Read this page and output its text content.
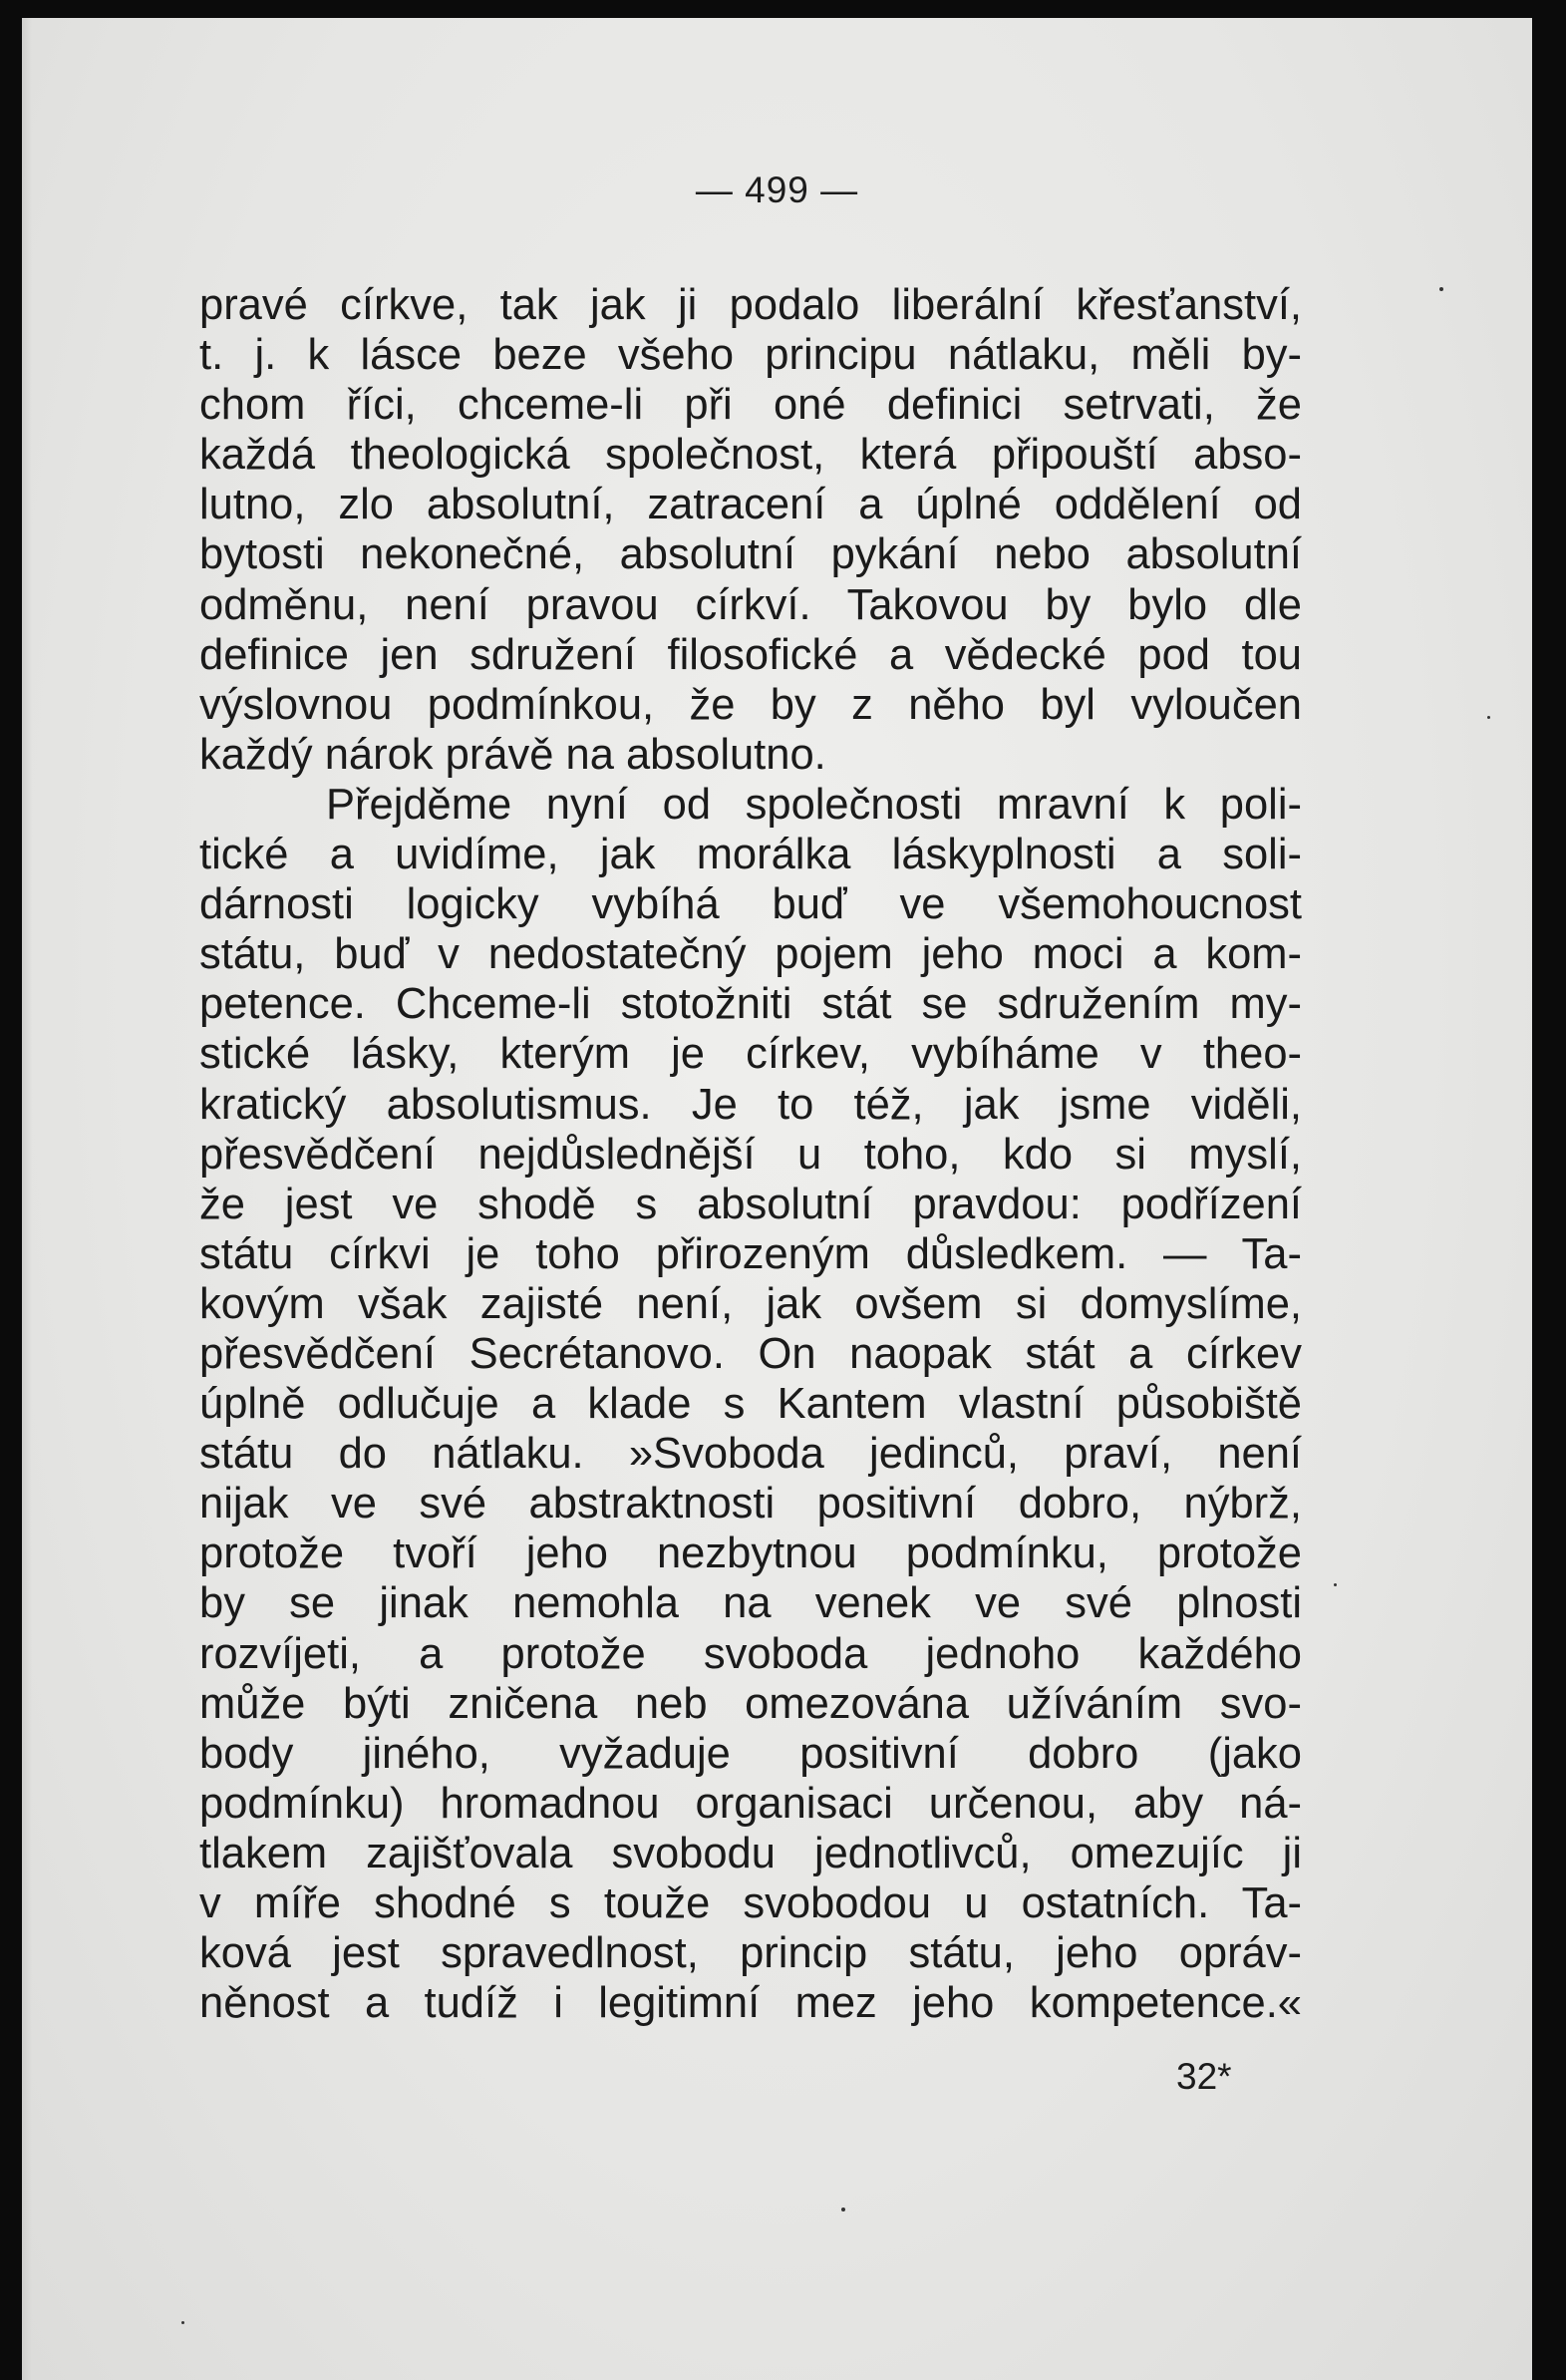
— 499 —
pravé církve, tak jak ji podalo liberální křesťanství,
t. j. k lásce beze všeho principu nátlaku, měli by-
chom říci, chceme-li při oné definici setrvati, že
každá theologická společnost, která připouští abso-
lutno, zlo absolutní, zatracení a úplné oddělení od
bytosti nekonečné, absolutní pykání nebo absolutní
odměnu, není pravou církví. Takovou by bylo dle
definice jen sdružení filosofické a vědecké pod tou
výslovnou podmínkou, že by z něho byl vyloučen
každý nárok právě na absolutno.
Přejděme nyní od společnosti mravní k poli-
tické a uvidíme, jak morálka láskyplnosti a soli-
dárnosti logicky vybíhá buď ve všemohoucnost
státu, buď v nedostatečný pojem jeho moci a kom-
petence. Chceme-li stotožniti stát se sdružením my-
stické lásky, kterým je církev, vybíháme v theo-
kratický absolutismus. Je to též, jak jsme viděli,
přesvědčení nejdůslednější u toho, kdo si myslí,
že jest ve shodě s absolutní pravdou: podřízení
státu církvi je toho přirozeným důsledkem. — Ta-
kovým však zajisté není, jak ovšem si domyslíme,
přesvědčení Secrétanovo. On naopak stát a církev
úplně odlučuje a klade s Kantem vlastní působiště
státu do nátlaku. »Svoboda jedinců, praví, není
nijak ve své abstraktnosti positivní dobro, nýbrž,
protože tvoří jeho nezbytnou podmínku, protože
by se jinak nemohla na venek ve své plnosti
rozvíjeti, a protože svoboda jednoho každého
může býti zničena neb omezována užíváním svo-
body jiného, vyžaduje positivní dobro (jako
podmínku) hromadnou organisaci určenou, aby ná-
tlakem zajišťovala svobodu jednotlivců, omezujíc ji
v míře shodné s touže svobodou u ostatních. Ta-
ková jest spravedlnost, princip státu, jeho opráv-
něnost a tudíž i legitimní mez jeho kompetence.«
32*
